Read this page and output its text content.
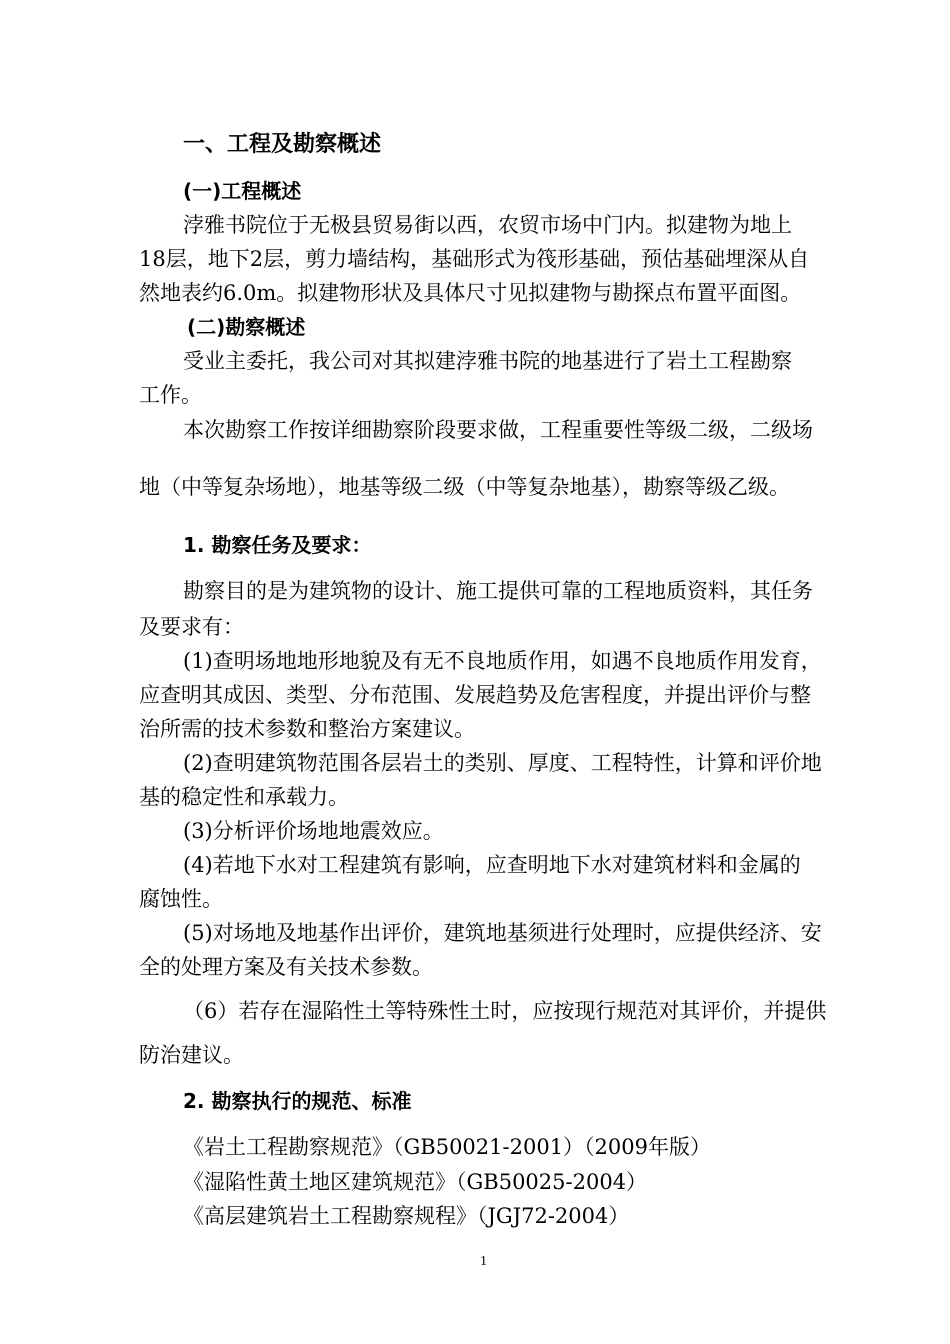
一、工程及勘察概述
(一)工程概述
浡雅书院位于无极县贸易街以西，农贸市场中门内。拟建物为地上
18层，地下2层，剪力墙结构，基础形式为筏形基础，预估基础埋深从自
然地表约6.0m。拟建物形状及具体尺寸见拟建物与勘探点布置平面图。
(二)勘察概述
受业主委托，我公司对其拟建浡雅书院的地基进行了岩土工程勘察
工作。
本次勘察工作按详细勘察阶段要求做，工程重要性等级二级，二级场
地（中等复杂场地），地基等级二级（中等复杂地基），勘察等级乙级。
1. 勘察任务及要求：
勘察目的是为建筑物的设计、施工提供可靠的工程地质资料，其任务
及要求有：
(1)查明场地地形地貌及有无不良地质作用，如遇不良地质作用发育，
应查明其成因、类型、分布范围、发展趋势及危害程度，并提出评价与整
治所需的技术参数和整治方案建议。
(2)查明建筑物范围各层岩土的类别、厚度、工程特性，计算和评价地
基的稳定性和承载力。
(3)分析评价场地地震效应。
(4)若地下水对工程建筑有影响，应查明地下水对建筑材料和金属的
腐蚀性。
(5)对场地及地基作出评价，建筑地基须进行处理时，应提供经济、安
全的处理方案及有关技术参数。
（6）若存在湿陷性土等特殊性土时，应按现行规范对其评价，并提供
防治建议。
2. 勘察执行的规范、标准
《岩土工程勘察规范》（GB50021-2001）（2009年版）
《湿陷性黄土地区建筑规范》（GB50025-2004）
《高层建筑岩土工程勘察规程》（JGJ72-2004）
1
